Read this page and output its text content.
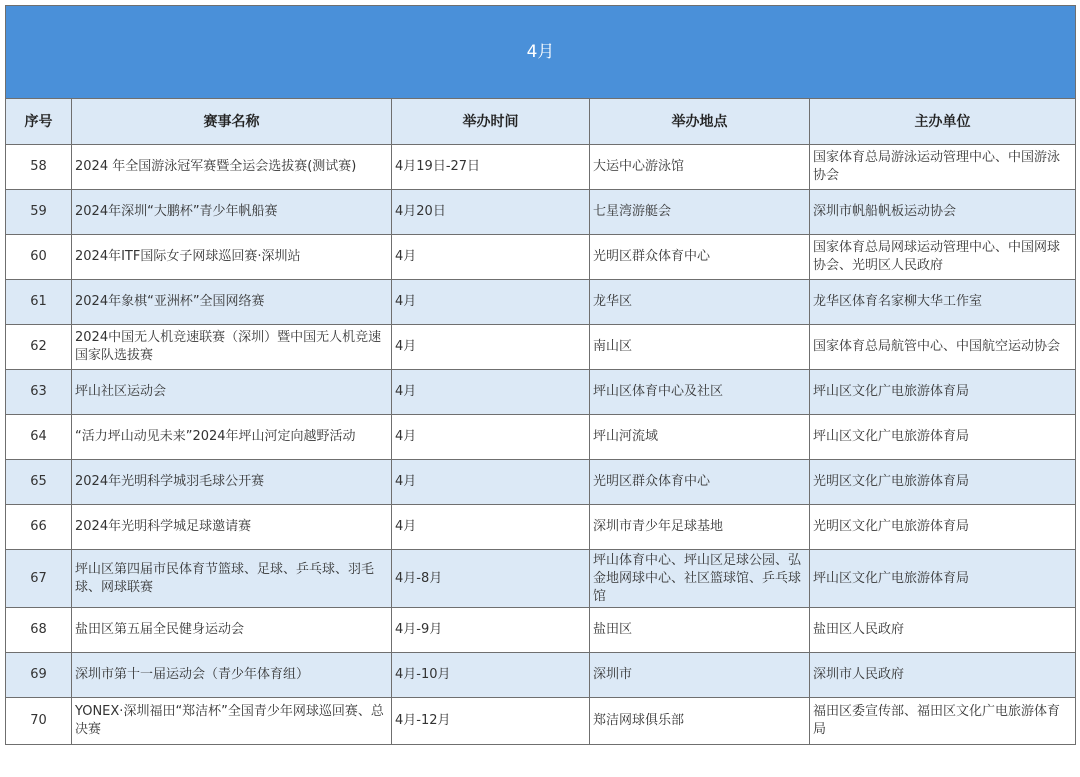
4月				
序号	赛事名称	举办时间	举办地点	主办单位
58	2024 年全国游泳冠军赛暨全运会选拔赛(测试赛)	4月19日-27日	大运中心游泳馆	国家体育总局游泳运动管理中心、中国游泳协会
59	2024年深圳“大鹏杯”青少年帆船赛	4月20日	七星湾游艇会	深圳市帆船帆板运动协会
60	2024年ITF国际女子网球巡回赛·深圳站	4月	光明区群众体育中心	国家体育总局网球运动管理中心、中国网球协会、光明区人民政府
61	2024年象棋“亚洲杯”全国网络赛	4月	龙华区	龙华区体育名家柳大华工作室
62	2024中国无人机竞速联赛（深圳）暨中国无人机竞速国家队选拔赛	4月	南山区	国家体育总局航管中心、中国航空运动协会
63	坪山社区运动会	4月	坪山区体育中心及社区	坪山区文化广电旅游体育局
64	“活力坪山动见未来”2024年坪山河定向越野活动	4月	坪山河流域	坪山区文化广电旅游体育局
65	2024年光明科学城羽毛球公开赛	4月	光明区群众体育中心	光明区文化广电旅游体育局
66	2024年光明科学城足球邀请赛	4月	深圳市青少年足球基地	光明区文化广电旅游体育局
67	坪山区第四届市民体育节篮球、足球、乒乓球、羽毛球、网球联赛	4月-8月	坪山体育中心、坪山区足球公园、弘金地网球中心、社区篮球馆、乒乓球馆	坪山区文化广电旅游体育局
68	盐田区第五届全民健身运动会	4月-9月	盐田区	盐田区人民政府
69	深圳市第十一届运动会（青少年体育组）	4月-10月	深圳市	深圳市人民政府
70	YONEX·深圳福田“郑洁杯”全国青少年网球巡回赛、总决赛	4月-12月	郑洁网球俱乐部	福田区委宣传部、福田区文化广电旅游体育局
